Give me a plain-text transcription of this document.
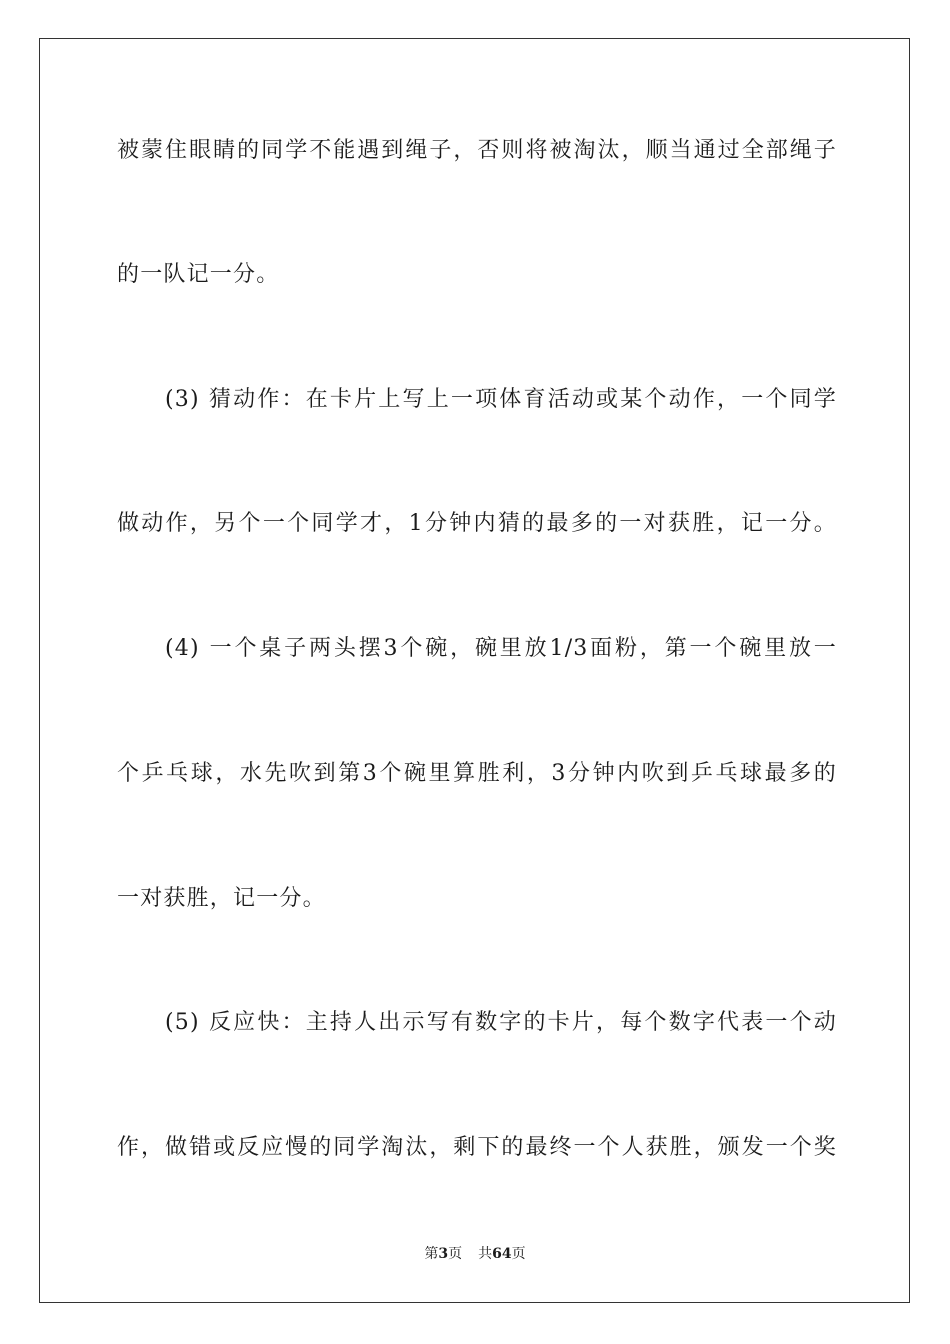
被蒙住眼睛的同学不能遇到绳子，否则将被淘汰，顺当通过全部绳子
的一队记一分。
(3) 猜动作：在卡片上写上一项体育活动或某个动作，一个同学
做动作，另个一个同学才，1分钟内猜的最多的一对获胜，记一分。
(4) 一个桌子两头摆3个碗，碗里放1/3面粉，第一个碗里放一
个乒乓球，水先吹到第3个碗里算胜利，3分钟内吹到乒乓球最多的
一对获胜，记一分。
(5) 反应快：主持人出示写有数字的卡片，每个数字代表一个动
作，做错或反应慢的同学淘汰，剩下的最终一个人获胜，颁发一个奖
第3页 共64页
